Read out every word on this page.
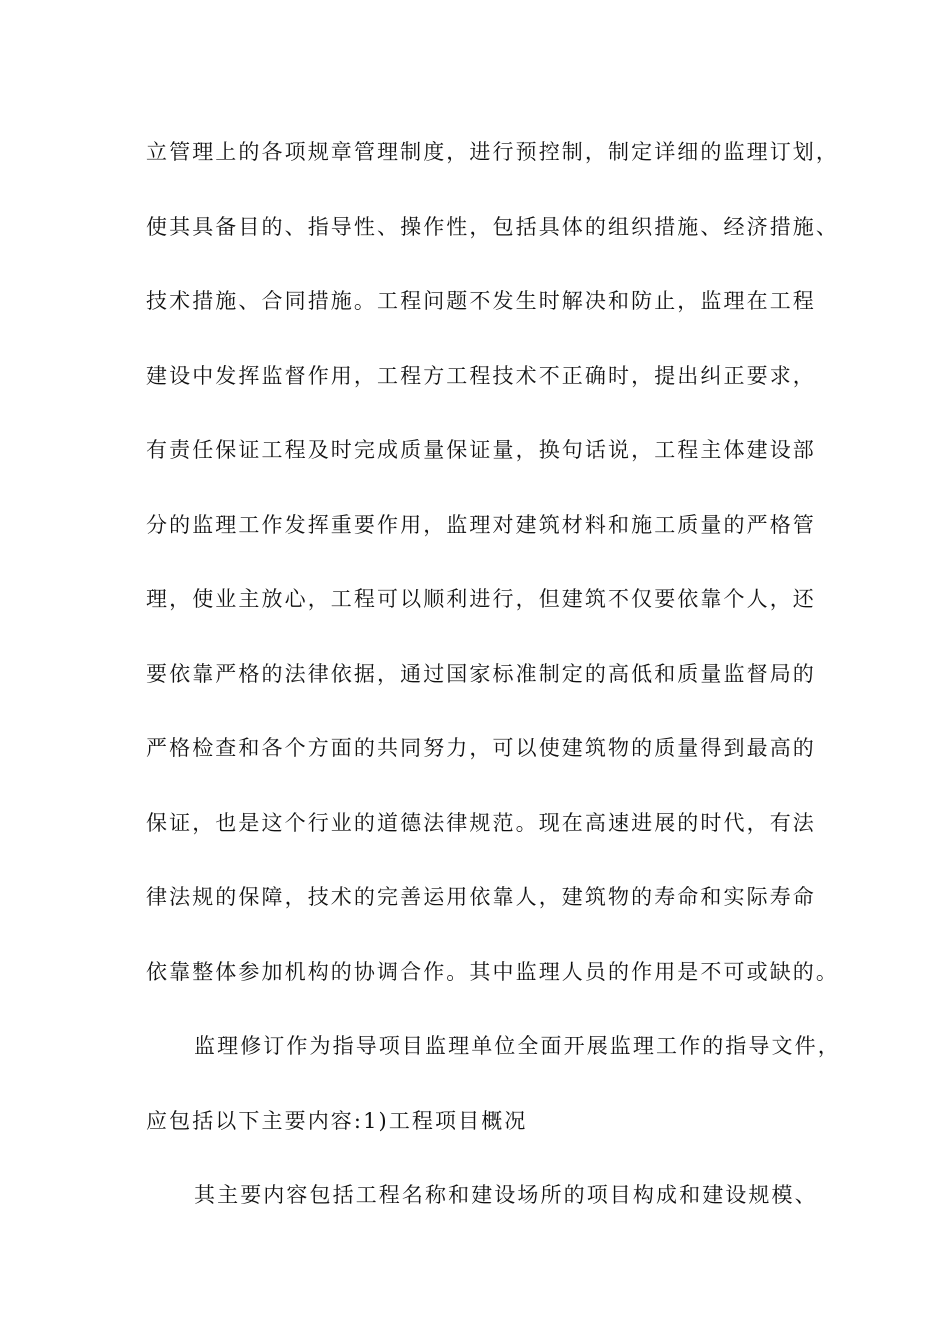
立管理上的各项规章管理制度，进行预控制，制定详细的监理订划，
使其具备目的、指导性、操作性，包括具体的组织措施、经济措施、
技术措施、合同措施。工程问题不发生时解决和防止，监理在工程
建设中发挥监督作用，工程方工程技术不正确时，提出纠正要求，
有责任保证工程及时完成质量保证量，换句话说，工程主体建设部
分的监理工作发挥重要作用，监理对建筑材料和施工质量的严格管
理，使业主放心，工程可以顺利进行，但建筑不仅要依靠个人，还
要依靠严格的法律依据，通过国家标准制定的高低和质量监督局的
严格检查和各个方面的共同努力，可以使建筑物的质量得到最高的
保证，也是这个行业的道德法律规范。现在高速进展的时代，有法
律法规的保障，技术的完善运用依靠人，建筑物的寿命和实际寿命
依靠整体参加机构的协调合作。其中监理人员的作用是不可或缺的。
监理修订作为指导项目监理单位全面开展监理工作的指导文件，
应包括以下主要内容:1)工程项目概况
其主要内容包括工程名称和建设场所的项目构成和建设规模、
